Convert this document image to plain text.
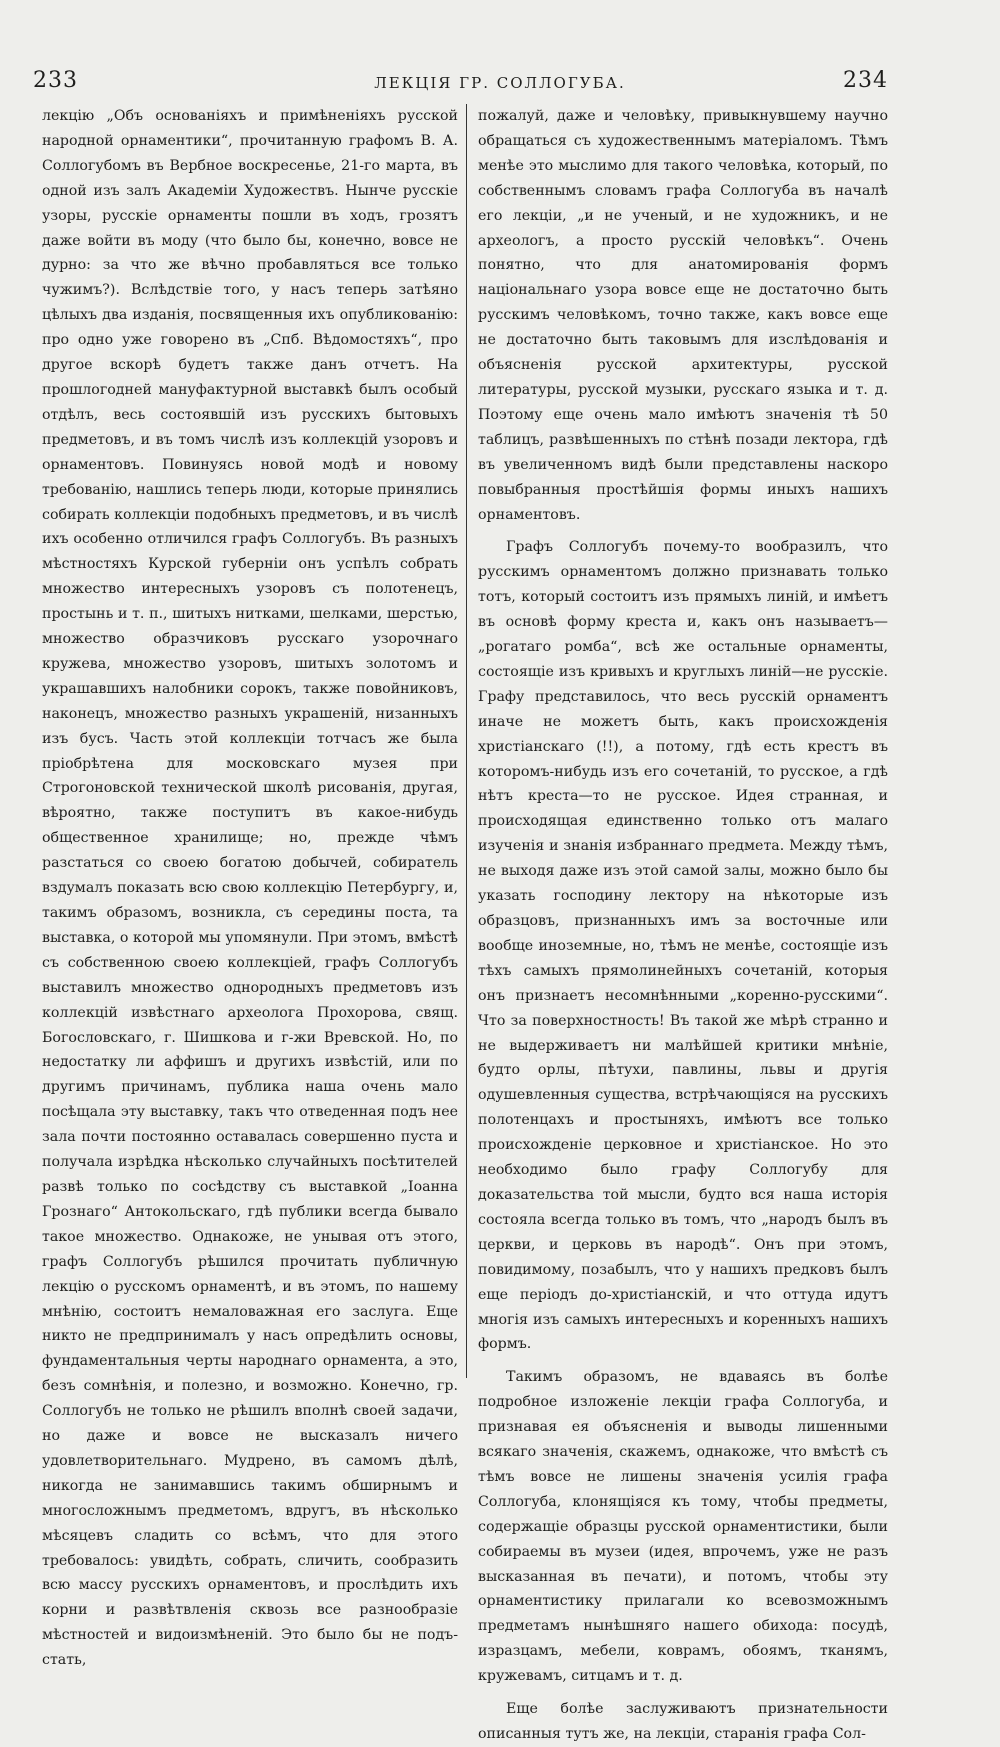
233	ЛЕКЦІЯ ГР. СОЛЛОГУБА.	234

лекцію „Объ основаніяхъ и примѣненіяхъ русской народной орнаментики“, прочитанную графомъ В. А. Соллогубомъ въ Вербное воскресенье, 21-го марта, въ одной изъ залъ Академіи Художествъ. Нынче русскіе узоры, русскіе орнаменты пошли въ ходъ, грозятъ даже войти въ моду (что было бы, конечно, вовсе не дурно: за что же вѣчно пробавляться все только чужимъ?). Вслѣдствіе того, у насъ теперь затѣяно цѣлыхъ два изданія, посвященныя ихъ опубликованію: про одно уже говорено въ „Спб. Вѣдомостяхъ“, про другое вскорѣ будетъ также данъ отчетъ. На прошлогодней мануфактурной выставкѣ былъ особый отдѣлъ, весь состоявшій изъ русскихъ бытовыхъ предметовъ, и въ томъ числѣ изъ коллекцій узоровъ и орнаментовъ. Повинуясь новой модѣ и новому требованію, нашлись теперь люди, которые принялись собирать коллекціи подобныхъ предметовъ, и въ числѣ ихъ особенно отличился графъ Соллогубъ. Въ разныхъ мѣстностяхъ Курской губерніи онъ успѣлъ собрать множество интересныхъ узоровъ съ полотенецъ, простынь и т. п., шитыхъ нитками, шелками, шерстью, множество образчиковъ русскаго узорочнаго кружева, множество узоровъ, шитыхъ золотомъ и украшавшихъ налобники сорокъ, также повойниковъ, наконецъ, множество разныхъ украшеній, низанныхъ изъ бусъ. Часть этой коллекціи тотчасъ же была пріобрѣтена для московскаго музея при Строгоновской технической школѣ рисованія, другая, вѣроятно, также поступитъ въ какое-нибудь общественное хранилище; но, прежде чѣмъ разстаться со своею богатою добычей, собиратель вздумалъ показать всю свою коллекцію Петербургу, и, такимъ образомъ, возникла, съ середины поста, та выставка, о которой мы упомянули. При этомъ, вмѣстѣ съ собственною своею коллекціей, графъ Соллогубъ выставилъ множество однородныхъ предметовъ изъ коллекцій извѣстнаго археолога Прохорова, свящ. Богословскаго, г. Шишкова и г-жи Вревской. Но, по недостатку ли аффишъ и другихъ извѣстій, или по другимъ причинамъ, публика наша очень мало посѣщала эту выставку, такъ что отведенная подъ нее зала почти постоянно оставалась совершенно пуста и получала изрѣдка нѣсколько случайныхъ посѣтителей развѣ только по сосѣдству съ выставкой „Іоанна Грознаго“ Антокольскаго, гдѣ публики всегда бывало такое множество. Однакоже, не унывая отъ этого, графъ Соллогубъ рѣшился прочитать публичную лекцію о русскомъ орнаментѣ, и въ этомъ, по нашему мнѣнію, состоитъ немаловажная его заслуга. Еще никто не предпринималъ у насъ опредѣлить основы, фундаментальныя черты народнаго орнамента, а это, безъ сомнѣнія, и полезно, и возможно. Конечно, гр. Соллогубъ не только не рѣшилъ вполнѣ своей задачи, но даже и вовсе не высказалъ ничего удовлетворительнаго. Мудрено, въ самомъ дѣлѣ, никогда не занимавшись такимъ обширнымъ и многосложнымъ предметомъ, вдругъ, въ нѣсколько мѣсяцевъ сладить со всѣмъ, что для этого требовалось: увидѣть, собрать, сличить, сообразить всю массу русскихъ орнаментовъ, и прослѣдить ихъ корни и развѣтвленія сквозь все разнообразіе мѣстностей и видоизмѣненій. Это было бы не подъ-стать,

пожалуй, даже и человѣку, привыкнувшему научно обращаться съ художественнымъ матеріаломъ. Тѣмъ менѣе это мыслимо для такого человѣка, который, по собственнымъ словамъ графа Соллогуба въ началѣ его лекціи, „и не ученый, и не художникъ, и не археологъ, а просто русскій человѣкъ“. Очень понятно, что для анатомированія формъ національнаго узора вовсе еще не достаточно быть русскимъ человѣкомъ, точно также, какъ вовсе еще не достаточно быть таковымъ для изслѣдованія и объясненія русской архитектуры, русской литературы, русской музыки, русскаго языка и т. д. Поэтому еще очень мало имѣютъ значенія тѣ 50 таблицъ, развѣшенныхъ по стѣнѣ позади лектора, гдѣ въ увеличенномъ видѣ были представлены наскоро повыбранныя простѣйшія формы иныхъ нашихъ орнаментовъ.

Графъ Соллогубъ почему-то вообразилъ, что русскимъ орнаментомъ должно признавать только тотъ, который состоитъ изъ прямыхъ линій, и имѣетъ въ основѣ форму креста и, какъ онъ называетъ—„рогатаго ромба“, всѣ же остальные орнаменты, состоящіе изъ кривыхъ и круглыхъ линій—не русскіе. Графу представилось, что весь русскій орнаментъ иначе не можетъ быть, какъ происхожденія христіанскаго (!!), а потому, гдѣ есть крестъ въ которомъ-нибудь изъ его сочетаній, то русское, а гдѣ нѣтъ креста—то не русское. Идея странная, и происходящая единственно только отъ малаго изученія и знанія избраннаго предмета. Между тѣмъ, не выходя даже изъ этой самой залы, можно было бы указать господину лектору на нѣкоторые изъ образцовъ, признанныхъ имъ за восточные или вообще иноземные, но, тѣмъ не менѣе, состоящіе изъ тѣхъ самыхъ прямолинейныхъ сочетаній, которыя онъ признаетъ несомнѣнными „коренно-русскими“. Что за поверхностность! Въ такой же мѣрѣ странно и не выдерживаетъ ни малѣйшей критики мнѣніе, будто орлы, пѣтухи, павлины, львы и другія одушевленныя существа, встрѣчающіяся на русскихъ полотенцахъ и простыняхъ, имѣютъ все только происхожденіе церковное и христіанское. Но это необходимо было графу Соллогубу для доказательства той мысли, будто вся наша исторія состояла всегда только въ томъ, что „народъ былъ въ церкви, и церковь въ народѣ“. Онъ при этомъ, повидимому, позабылъ, что у нашихъ предковъ былъ еще періодъ до-христіанскій, и что оттуда идутъ многія изъ самыхъ интересныхъ и коренныхъ нашихъ формъ.

Такимъ образомъ, не вдаваясь въ болѣе подробное изложеніе лекціи графа Соллогуба, и признавая ея объясненія и выводы лишенными всякаго значенія, скажемъ, однакоже, что вмѣстѣ съ тѣмъ вовсе не лишены значенія усилія графа Соллогуба, клонящіяся къ тому, чтобы предметы, содержащіе образцы русской орнаментистики, были собираемы въ музеи (идея, впрочемъ, уже не разъ высказанная въ печати), и потомъ, чтобы эту орнаментистику прилагали ко всевозможнымъ предметамъ нынѣшняго нашего обихода: посудѣ, изразцамъ, мебели, коврамъ, обоямъ, тканямъ, кружевамъ, ситцамъ и т. д.

Еще болѣе заслуживаютъ признательности описанныя тутъ же, на лекціи, старанія графа Сол-
